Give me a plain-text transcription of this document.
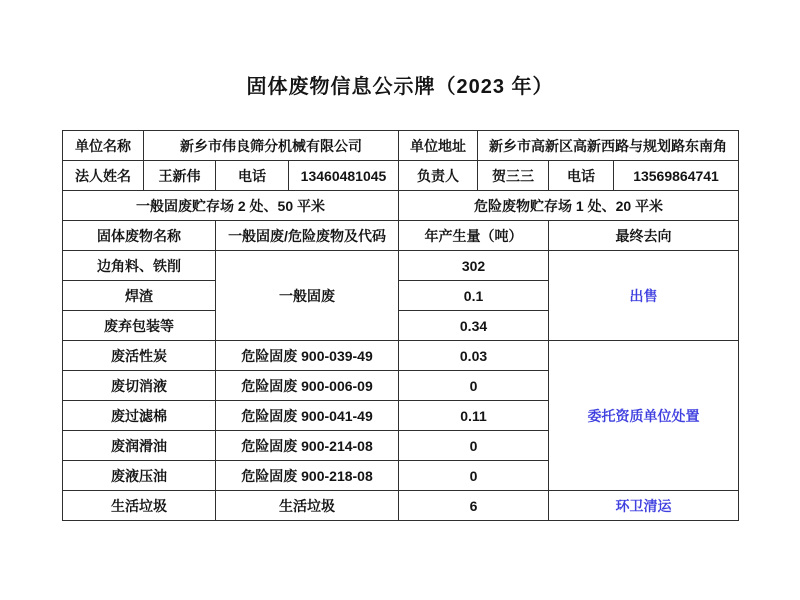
固体废物信息公示牌（2023 年）
单位名称	新乡市伟良筛分机械有限公司			单位地址	新乡市高新区高新西路与规划路东南角		
法人姓名	王新伟	电话	13460481045	负责人	贺三三	电话	13569864741
一般固废贮存场 2 处、50 平米				危险废物贮存场 1 处、20 平米			
固体废物名称		一般固废/危险废物及代码		年产生量（吨）		最终去向	
边角料、铁削		一般固废		302		出售	
焊渣				0.1			
废弃包装等				0.34			
废活性炭		危险固废 900-039-49		0.03		委托资质单位处置	
废切消液		危险固废 900-006-09		0			
废过滤棉		危险固废 900-041-49		0.11			
废润滑油		危险固废 900-214-08		0			
废液压油		危险固废 900-218-08		0			
生活垃圾		生活垃圾		6		环卫清运	
